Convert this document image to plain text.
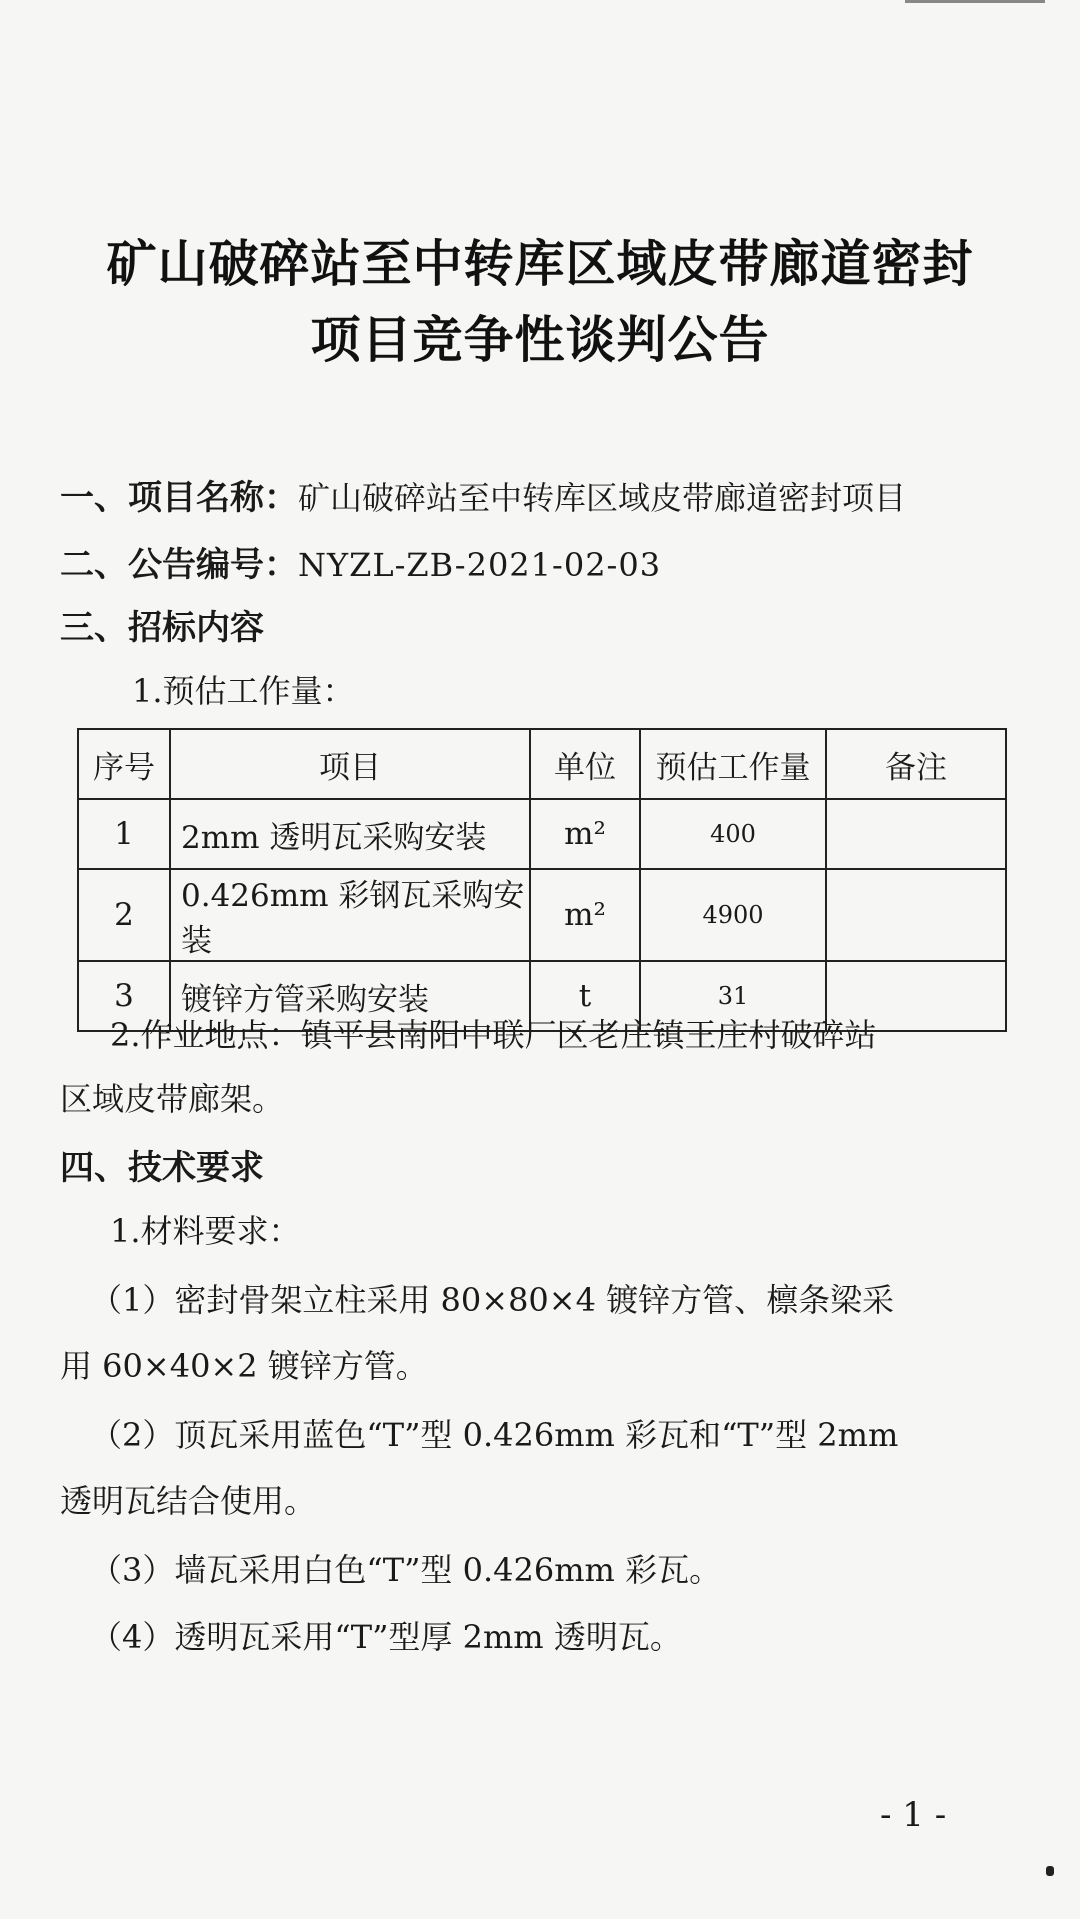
矿山破碎站至中转库区域皮带廊道密封
项目竞争性谈判公告
一、项目名称：矿山破碎站至中转库区域皮带廊道密封项目
二、公告编号：NYZL-ZB-2021-02-03
三、招标内容
1.预估工作量：
序号	项目	单位	预估工作量	备注
1	2mm 透明瓦采购安装	m²	400	
2	0.426mm 彩钢瓦采购安装	m²	4900	
3	镀锌方管采购安装	t	31	
2.作业地点：镇平县南阳中联厂区老庄镇王庄村破碎站
区域皮带廊架。
四、技术要求
1.材料要求：
（1）密封骨架立柱采用 80×80×4 镀锌方管、檩条梁采
用 60×40×2 镀锌方管。
（2）顶瓦采用蓝色“T”型 0.426mm 彩瓦和“T”型 2mm
透明瓦结合使用。
（3）墙瓦采用白色“T”型 0.426mm 彩瓦。
（4）透明瓦采用“T”型厚 2mm 透明瓦。
- 1 -
